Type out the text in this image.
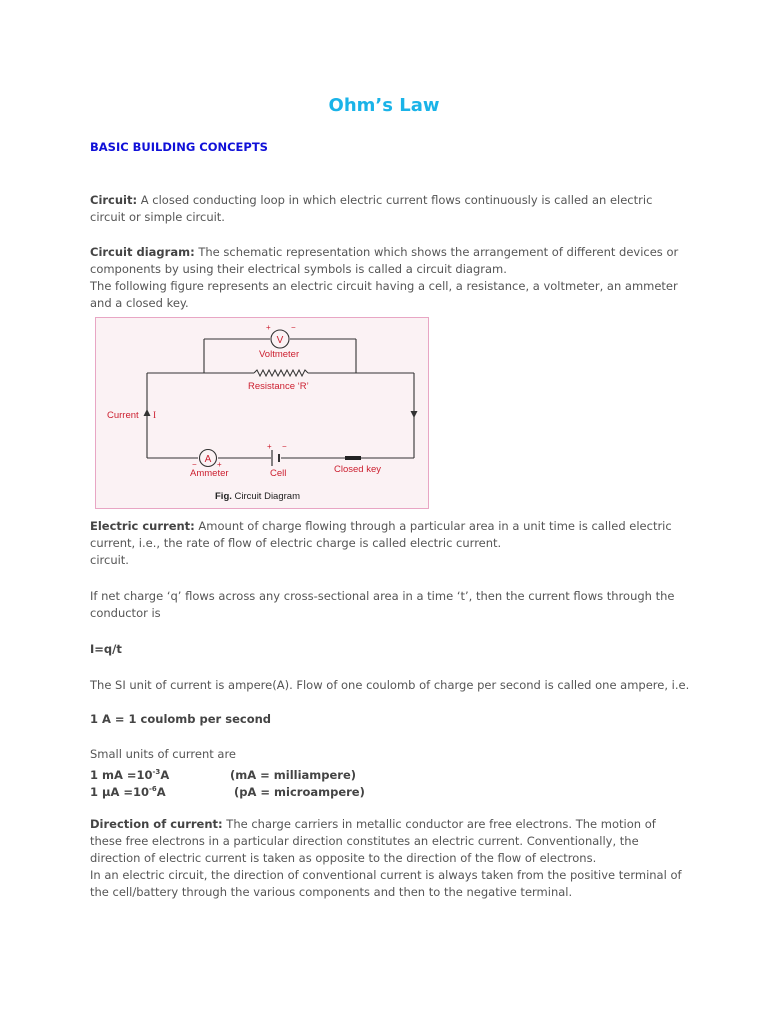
Ohm’s Law
BASIC BUILDING CONCEPTS
Circuit: A closed conducting loop in which electric current flows continuously is called an electric circuit or simple circuit.
Circuit diagram: The schematic representation which shows the arrangement of different devices or components by using their electrical symbols is called a circuit diagram.
The following figure represents an electric circuit having a cell, a resistance, a voltmeter, an ammeter and a closed key.
V
+	−
Voltmeter
Resistance ‘R’
Current I
A
−	+
Ammeter
+ −
Cell	Closed key
Fig. Circuit Diagram
Electric current: Amount of charge flowing through a particular area in a unit time is called electric current, i.e., the rate of flow of electric charge is called electric current.
circuit.
If net charge ‘q’ flows across any cross-sectional area in a time ‘t’, then the current flows through the conductor is
I=q/t
The SI unit of current is ampere(A). Flow of one coulomb of charge per second is called one ampere, i.e.
1 A = 1 coulomb per second
Small units of current are
1 mA $=10^{-3}A$	(mA = milliampere)
1 $\mu A =10^{-6}A$	(pA = microampere)
Direction of current: The charge carriers in metallic conductor are free electrons. The motion of these free electrons in a particular direction constitutes an electric current. Conventionally, the direction of electric current is taken as opposite to the direction of the flow of electrons.
In an electric circuit, the direction of conventional current is always taken from the positive terminal of the cell/battery through the various components and then to the negative terminal.
